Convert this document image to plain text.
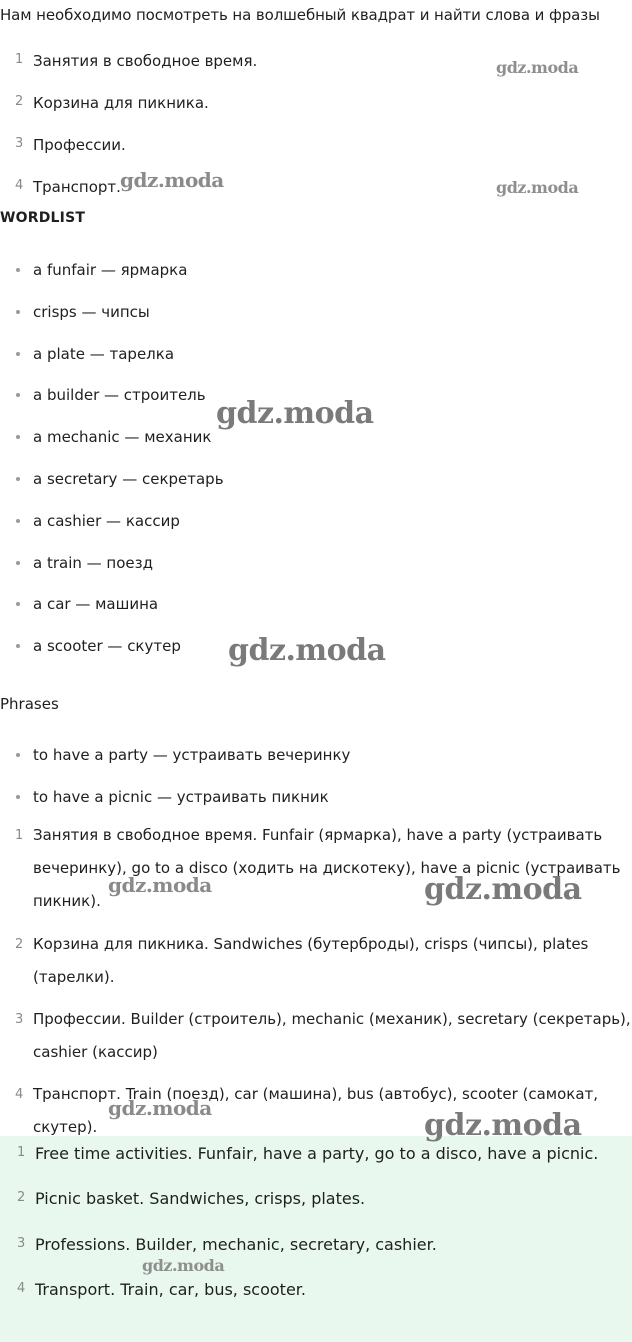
Нам необходимо посмотреть на волшебный квадрат и найти слова и фразы
1 Занятия в свободное время.
2 Корзина для пикника.
3 Профессии.
4 Транспорт.
WORDLIST
a funfair — ярмарка
crisps — чипсы
a plate — тарелка
a builder — строитель
a mechanic — механик
a secretary — секретарь
a cashier — кассир
a train — поезд
a car — машина
a scooter — скутер
Phrases
to have a party — устраивать вечеринку
to have a picnic — устраивать пикник
1 Занятия в свободное время. Funfair (ярмарка), have a party (устраивать
вечеринку), go to a disco (ходить на дискотеку), have a picnic (устраивать
пикник).
2 Корзина для пикника. Sandwiches (бутерброды), crisps (чипсы), plates
(тарелки).
3 Профессии. Builder (строитель), mechanic (механик), secretary (секретарь),
cashier (кассир)
4 Транспорт. Train (поезд), car (машина), bus (автобус), scooter (самокат,
скутер).
1 Free time activities. Funfair, have a party, go to a disco, have a picnic.
2 Picnic basket. Sandwiches, crisps, plates.
3 Professions. Builder, mechanic, secretary, cashier.
4 Transport. Train, car, bus, scooter.
gdz.moda
gdz.moda	gdz.moda
gdz.moda
gdz.moda
gdz.moda	gdz.moda
gdz.moda	gdz.moda
gdz.moda
